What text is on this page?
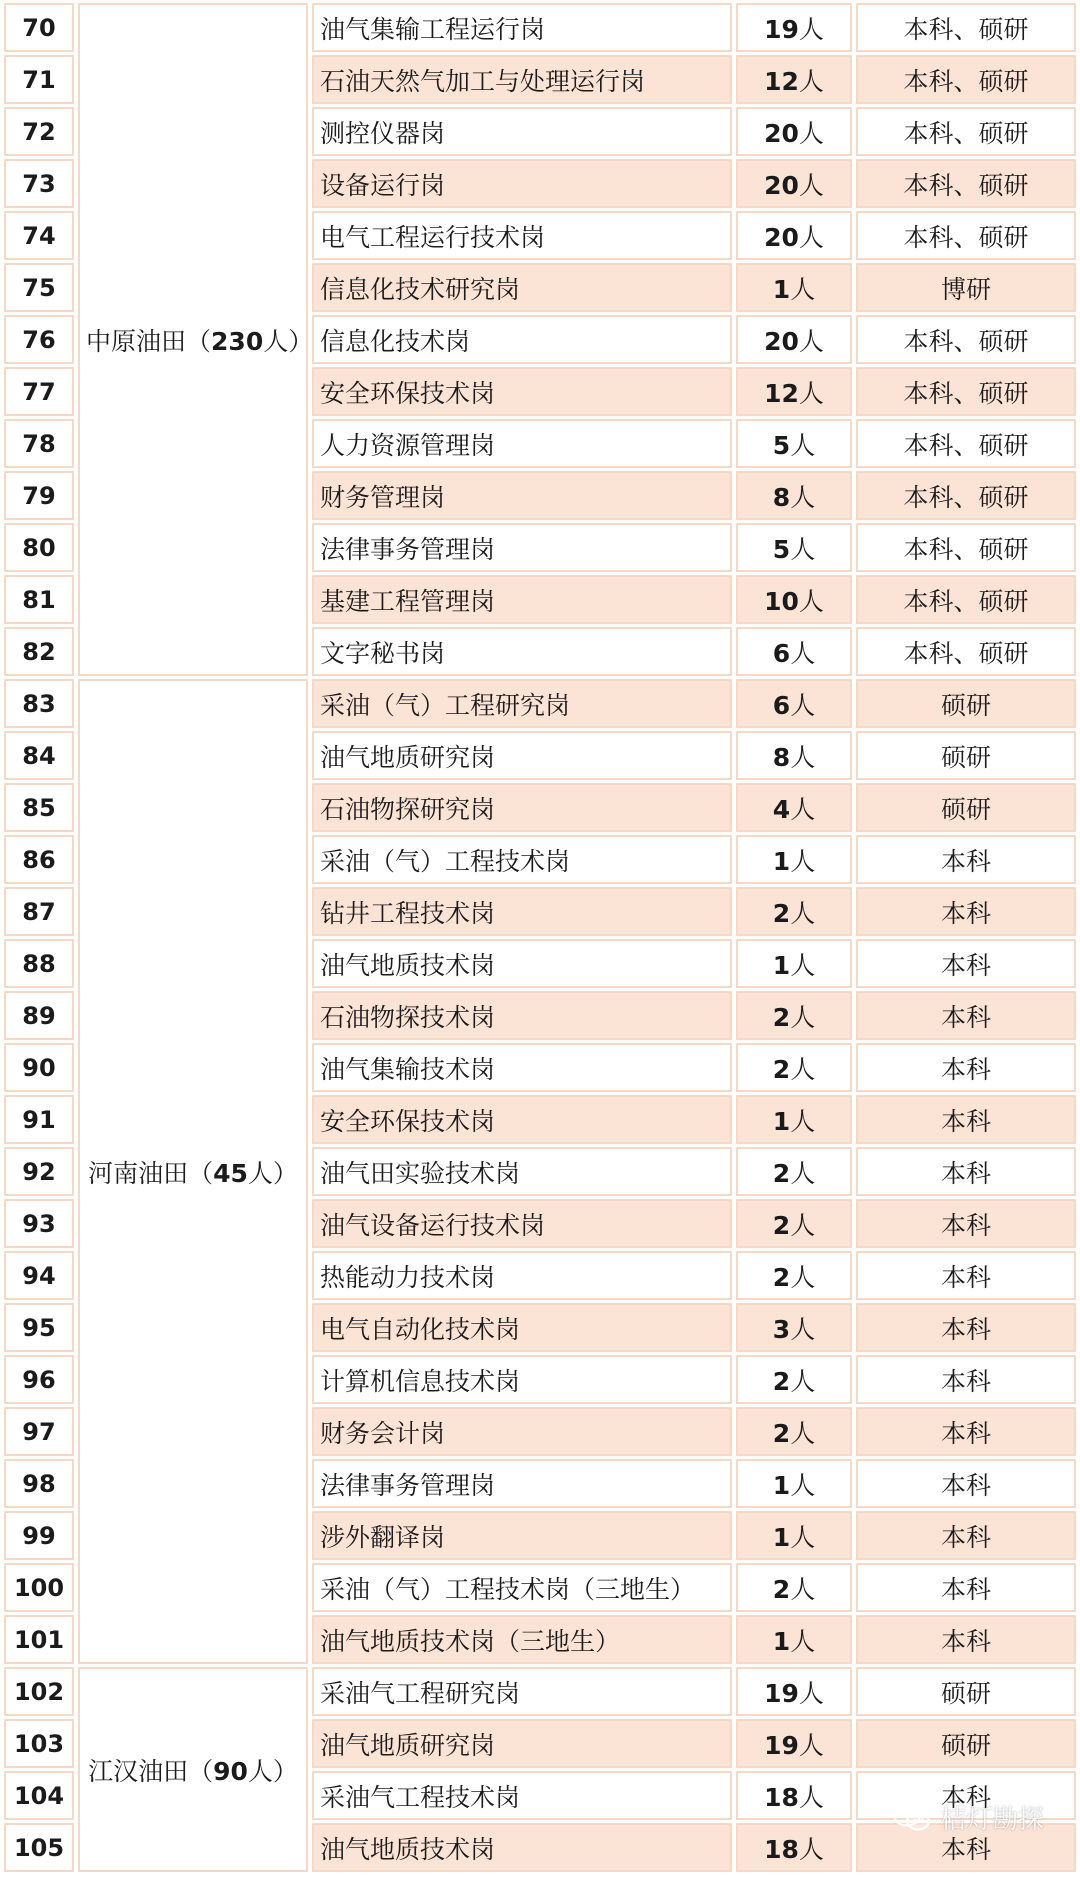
70	中原油田（230人）	油气集输工程运行岗	19人	本科、硕研
71		石油天然气加工与处理运行岗	12人	本科、硕研
72		测控仪器岗	20人	本科、硕研
73		设备运行岗	20人	本科、硕研
74		电气工程运行技术岗	20人	本科、硕研
75		信息化技术研究岗	1人	博研
76		信息化技术岗	20人	本科、硕研
77		安全环保技术岗	12人	本科、硕研
78		人力资源管理岗	5人	本科、硕研
79		财务管理岗	8人	本科、硕研
80		法律事务管理岗	5人	本科、硕研
81		基建工程管理岗	10人	本科、硕研
82		文字秘书岗	6人	本科、硕研
83	河南油田（45人）	采油（气）工程研究岗	6人	硕研
84		油气地质研究岗	8人	硕研
85		石油物探研究岗	4人	硕研
86		采油（气）工程技术岗	1人	本科
87		钻井工程技术岗	2人	本科
88		油气地质技术岗	1人	本科
89		石油物探技术岗	2人	本科
90		油气集输技术岗	2人	本科
91		安全环保技术岗	1人	本科
92		油气田实验技术岗	2人	本科
93		油气设备运行技术岗	2人	本科
94		热能动力技术岗	2人	本科
95		电气自动化技术岗	3人	本科
96		计算机信息技术岗	2人	本科
97		财务会计岗	2人	本科
98		法律事务管理岗	1人	本科
99		涉外翻译岗	1人	本科
100		采油（气）工程技术岗（三地生）	2人	本科
101		油气地质技术岗（三地生）	1人	本科
102	江汉油田（90人）	采油气工程研究岗	19人	硕研
103		油气地质研究岗	19人	硕研
104		采油气工程技术岗	18人	本科
105		油气地质技术岗	18人	本科
桔灯勘探
